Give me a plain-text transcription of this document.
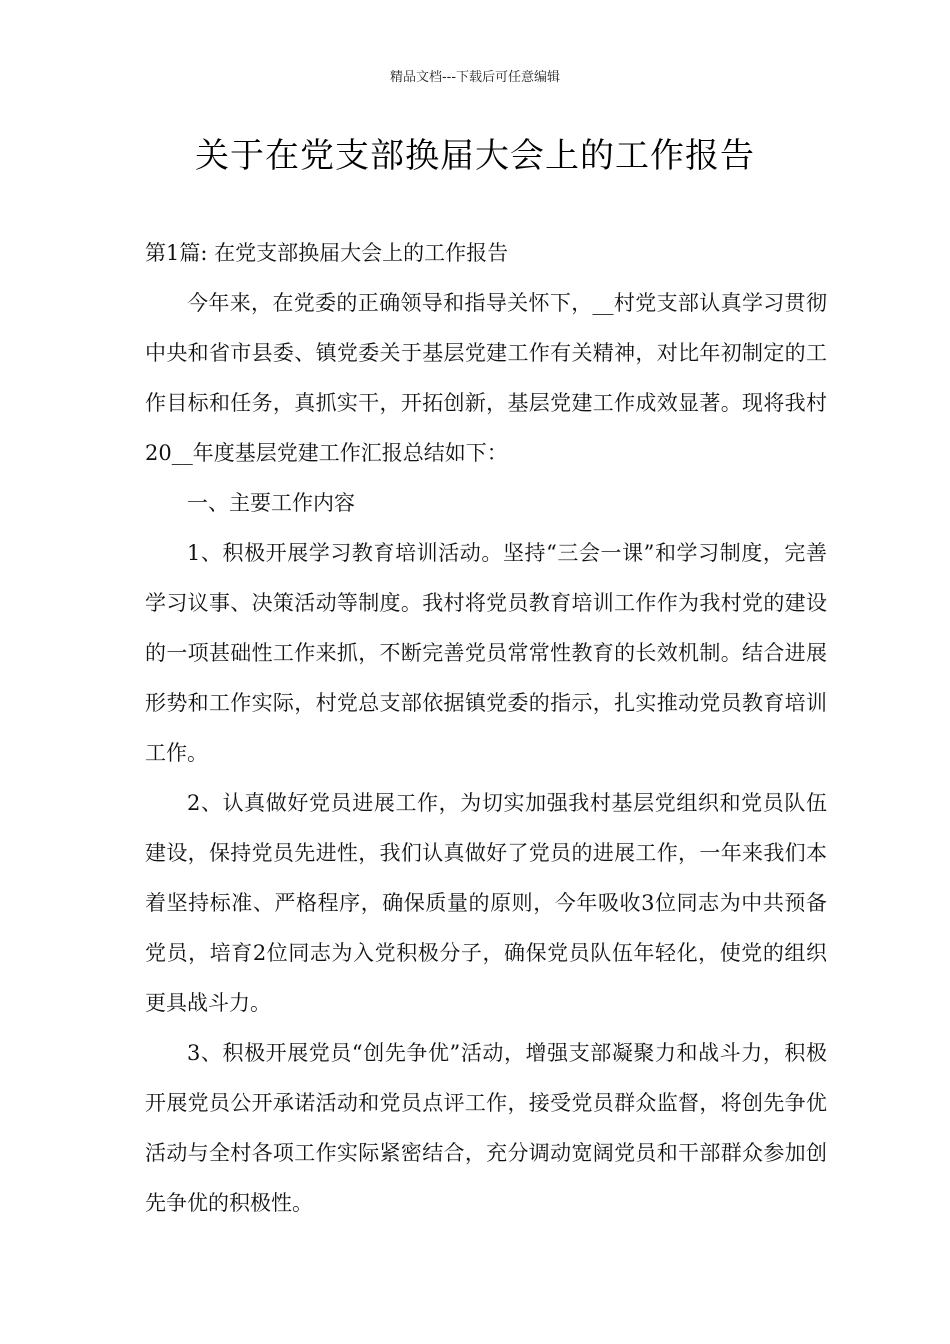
精品文档---下载后可任意编辑
关于在党支部换届大会上的工作报告

第1篇: 在党支部换届大会上的工作报告

今年来，在党委的正确领导和指导关怀下，__村党支部认真学习贯彻中央和省市县委、镇党委关于基层党建工作有关精神，对比年初制定的工作目标和任务，真抓实干，开拓创新，基层党建工作成效显著。现将我村20__年度基层党建工作汇报总结如下：

一、主要工作内容

1、积极开展学习教育培训活动。坚持“三会一课”和学习制度，完善学习议事、决策活动等制度。我村将党员教育培训工作作为我村党的建设的一项甚础性工作来抓，不断完善党员常常性教育的长效机制。结合进展形势和工作实际，村党总支部依据镇党委的指示，扎实推动党员教育培训工作。

2、认真做好党员进展工作，为切实加强我村基层党组织和党员队伍建设，保持党员先进性，我们认真做好了党员的进展工作，一年来我们本着坚持标准、严格程序，确保质量的原则，今年吸收3位同志为中共预备党员，培育2位同志为入党积极分子，确保党员队伍年轻化，使党的组织更具战斗力。

3、积极开展党员“创先争优”活动，增强支部凝聚力和战斗力，积极开展党员公开承诺活动和党员点评工作，接受党员群众监督，将创先争优活动与全村各项工作实际紧密结合，充分调动宽阔党员和干部群众参加创先争优的积极性。
